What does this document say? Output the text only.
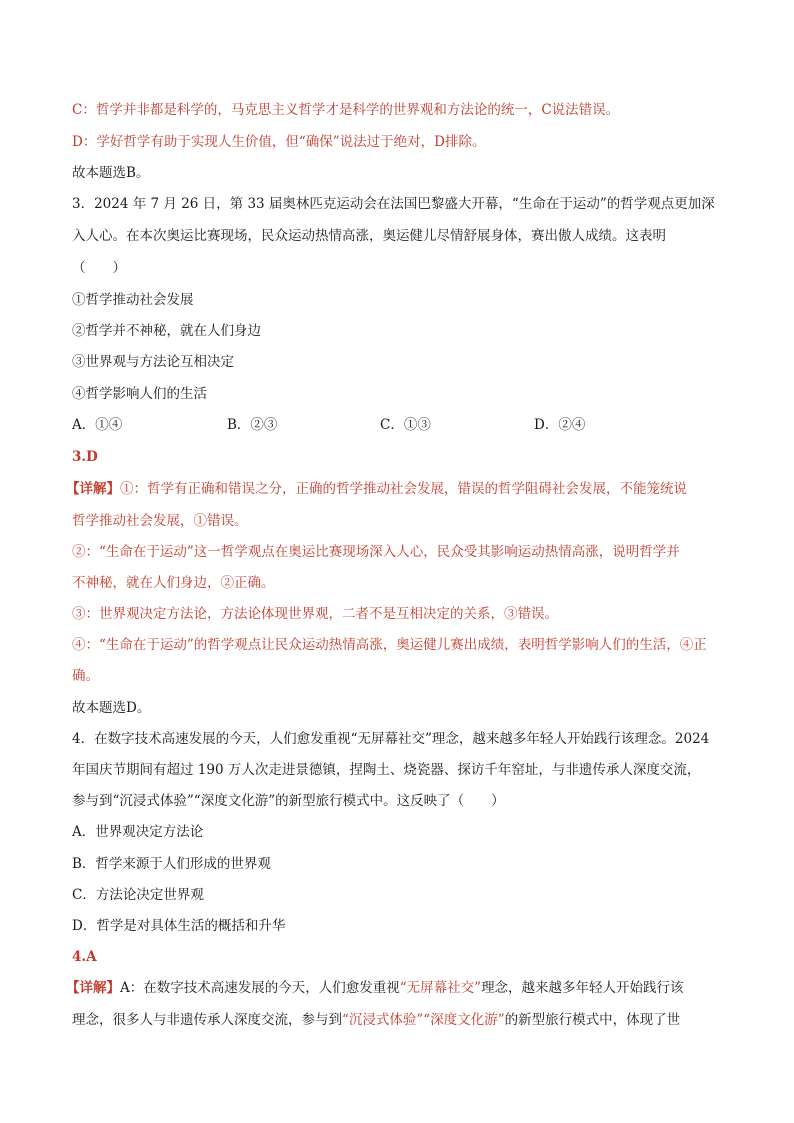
C：哲学并非都是科学的，马克思主义哲学才是科学的世界观和方法论的统一，C说法错误。
D：学好哲学有助于实现人生价值，但“确保”说法过于绝对，D排除。
故本题选B。
3．2024 年 7 月 26 日，第 33 届奥林匹克运动会在法国巴黎盛大开幕，“生命在于运动”的哲学观点更加深
入人心。在本次奥运比赛现场，民众运动热情高涨，奥运健儿尽情舒展身体，赛出傲人成绩。这表明
（　　）
①哲学推动社会发展
②哲学并不神秘，就在人们身边
③世界观与方法论互相决定
④哲学影响人们的生活
A．①④	B．②③	C．①③	D．②④
3.D
【详解】①：哲学有正确和错误之分，正确的哲学推动社会发展，错误的哲学阻碍社会发展，不能笼统说
哲学推动社会发展，①错误。
②：“生命在于运动”这一哲学观点在奥运比赛现场深入人心，民众受其影响运动热情高涨，说明哲学并
不神秘，就在人们身边，②正确。
③：世界观决定方法论，方法论体现世界观，二者不是互相决定的关系，③错误。
④：“生命在于运动”的哲学观点让民众运动热情高涨，奥运健儿赛出成绩，表明哲学影响人们的生活，④正
确。
故本题选D。
4．在数字技术高速发展的今天，人们愈发重视“无屏幕社交”理念，越来越多年轻人开始践行该理念。2024
年国庆节期间有超过 190 万人次走进景德镇，捏陶土、烧瓷器、探访千年窑址，与非遗传承人深度交流，
参与到“沉浸式体验”“深度文化游”的新型旅行模式中。这反映了（　　）
A．世界观决定方法论
B．哲学来源于人们形成的世界观
C．方法论决定世界观
D．哲学是对具体生活的概括和升华
4.A
【详解】A：在数字技术高速发展的今天，人们愈发重视“无屏幕社交”理念，越来越多年轻人开始践行该
理念，很多人与非遗传承人深度交流，参与到“沉浸式体验”“深度文化游”的新型旅行模式中，体现了世
